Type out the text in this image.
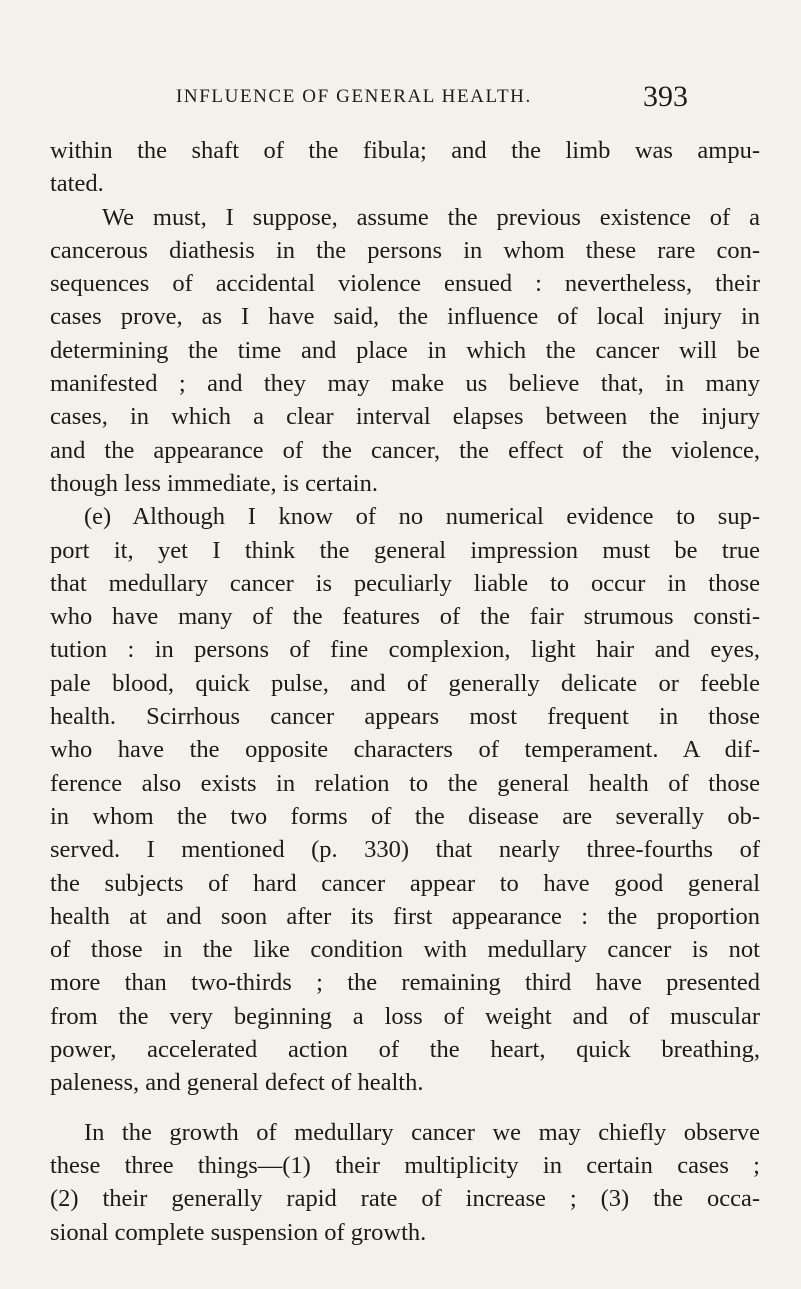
INFLUENCE OF GENERAL HEALTH.	393
within the shaft of the fibula; and the limb was ampu-
tated.
We must, I suppose, assume the previous existence of a
cancerous diathesis in the persons in whom these rare con-
sequences of accidental violence ensued : nevertheless, their
cases prove, as I have said, the influence of local injury in
determining the time and place in which the cancer will be
manifested ; and they may make us believe that, in many
cases, in which a clear interval elapses between the injury
and the appearance of the cancer, the effect of the violence,
though less immediate, is certain.
(e) Although I know of no numerical evidence to sup-
port it, yet I think the general impression must be true
that medullary cancer is peculiarly liable to occur in those
who have many of the features of the fair strumous consti-
tution : in persons of fine complexion, light hair and eyes,
pale blood, quick pulse, and of generally delicate or feeble
health. Scirrhous cancer appears most frequent in those
who have the opposite characters of temperament. A dif-
ference also exists in relation to the general health of those
in whom the two forms of the disease are severally ob-
served. I mentioned (p. 330) that nearly three-fourths of
the subjects of hard cancer appear to have good general
health at and soon after its first appearance : the proportion
of those in the like condition with medullary cancer is not
more than two-thirds ; the remaining third have presented
from the very beginning a loss of weight and of muscular
power, accelerated action of the heart, quick breathing,
paleness, and general defect of health.
In the growth of medullary cancer we may chiefly observe
these three things—(1) their multiplicity in certain cases ;
(2) their generally rapid rate of increase ; (3) the occa-
sional complete suspension of growth.
